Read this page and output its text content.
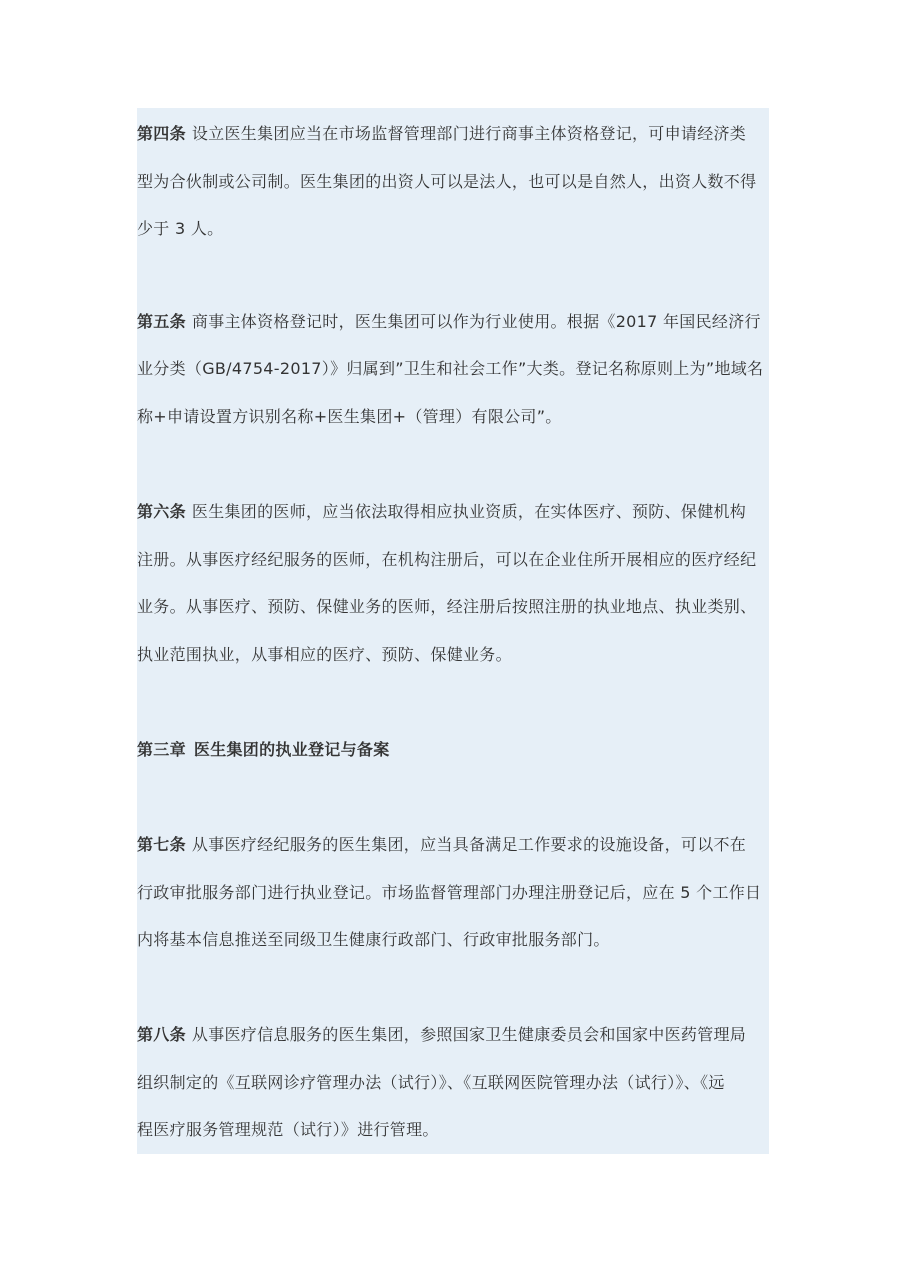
第四条 设立医生集团应当在市场监督管理部门进行商事主体资格登记，可申请经济类
型为合伙制或公司制。医生集团的出资人可以是法人，也可以是自然人，出资人数不得
少于 3 人。
第五条 商事主体资格登记时，医生集团可以作为行业使用。根据《2017 年国民经济行
业分类（GB/4754-2017）》归属到”卫生和社会工作”大类。登记名称原则上为”地域名
称+申请设置方识别名称+医生集团+（管理）有限公司”。
第六条 医生集团的医师，应当依法取得相应执业资质，在实体医疗、预防、保健机构
注册。从事医疗经纪服务的医师，在机构注册后，可以在企业住所开展相应的医疗经纪
业务。从事医疗、预防、保健业务的医师，经注册后按照注册的执业地点、执业类别、
执业范围执业，从事相应的医疗、预防、保健业务。
第三章 医生集团的执业登记与备案
第七条 从事医疗经纪服务的医生集团，应当具备满足工作要求的设施设备，可以不在
行政审批服务部门进行执业登记。市场监督管理部门办理注册登记后，应在 5 个工作日
内将基本信息推送至同级卫生健康行政部门、行政审批服务部门。
第八条 从事医疗信息服务的医生集团，参照国家卫生健康委员会和国家中医药管理局
组织制定的《互联网诊疗管理办法（试行）》、《互联网医院管理办法（试行）》、《远
程医疗服务管理规范（试行）》进行管理。
